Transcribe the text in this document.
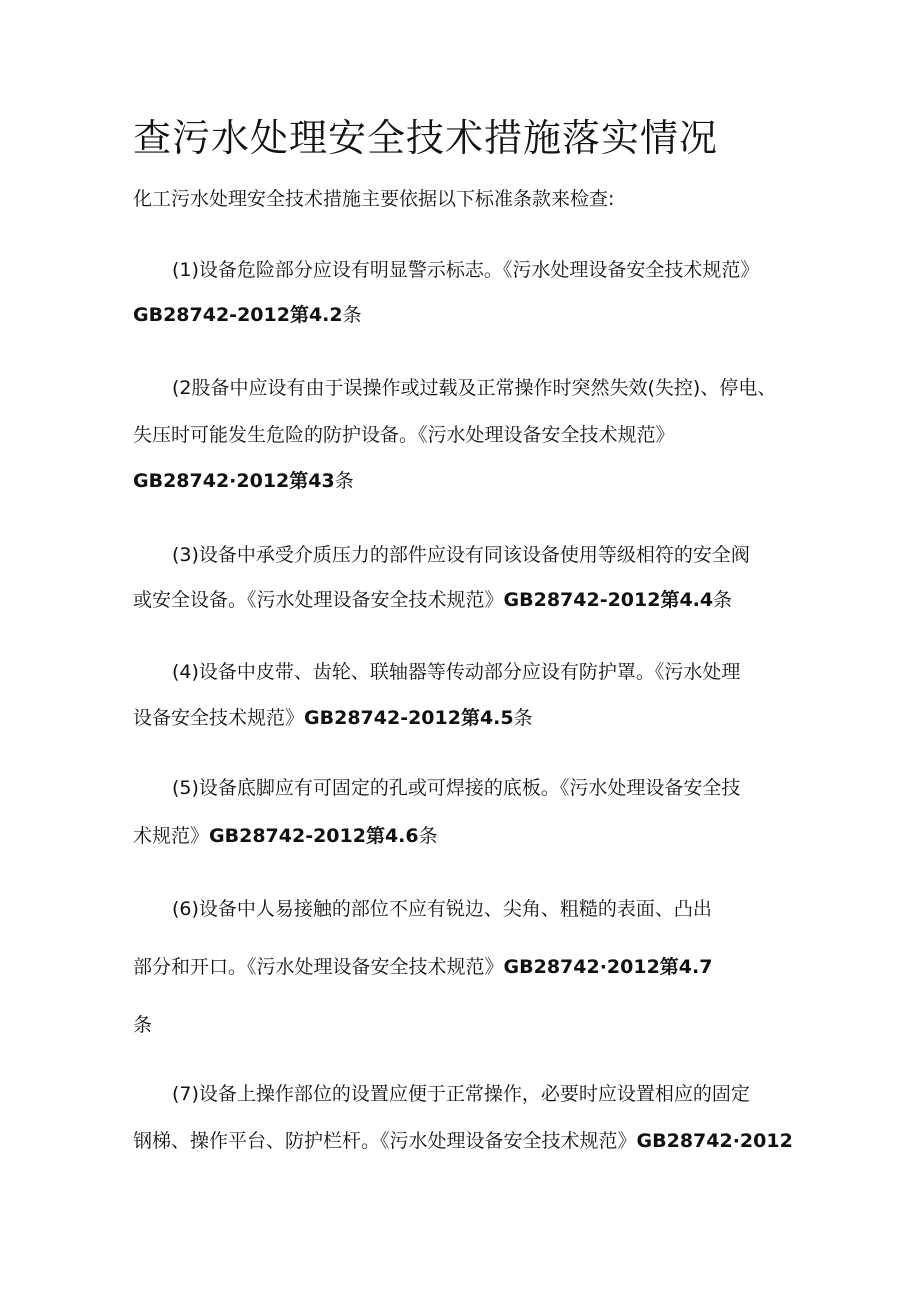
查污水处理安全技术措施落实情况

化工污水处理安全技术措施主要依据以下标准条款来检查:

(1)设备危险部分应设有明显警示标志。《污水处理设备安全技术规范》

GB28742-2012第4.2条

(2股备中应设有由于误操作或过载及正常操作时突然失效(失控)、停电、

失压时可能发生危险的防护设备。《污水处理设备安全技术规范》

GB28742·2012第43条

(3)设备中承受介质压力的部件应设有同该设备使用等级相符的安全阀

或安全设备。《污水处理设备安全技术规范》GB28742-2012第4.4条

(4)设备中皮带、齿轮、联轴器等传动部分应设有防护罩。《污水处理

设备安全技术规范》GB28742-2012第4.5条

(5)设备底脚应有可固定的孔或可焊接的底板。《污水处理设备安全技

术规范》GB28742-2012第4.6条

(6)设备中人易接触的部位不应有锐边、尖角、粗糙的表面、凸出

部分和开口。《污水处理设备安全技术规范》GB28742·2012第4.7

条

(7)设备上操作部位的设置应便于正常操作，必要时应设置相应的固定

钢梯、操作平台、防护栏杆。《污水处理设备安全技术规范》GB28742·2012
